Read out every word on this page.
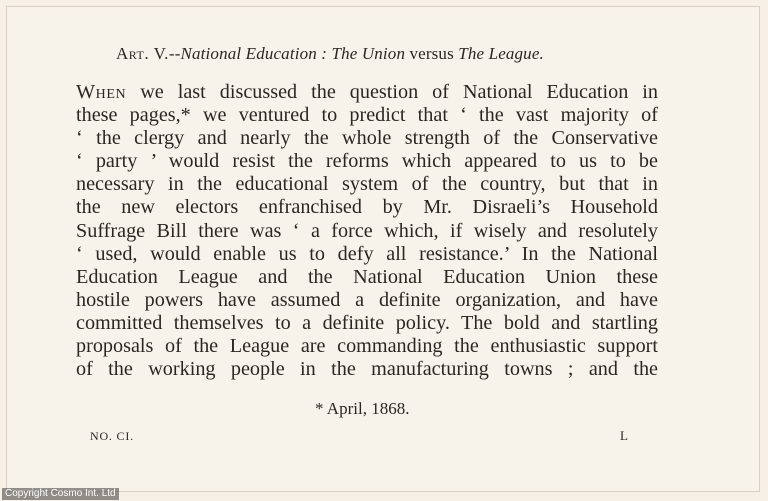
Art. V.--National Education : The Union versus The League.
When we last discussed the question of National Education in
these pages,* we ventured to predict that ‘ the vast majority of
‘ the clergy and nearly the whole strength of the Conservative
‘ party ’ would resist the reforms which appeared to us to be
necessary in the educational system of the country, but that in
the new electors enfranchised by Mr. Disraeli’s Household
Suffrage Bill there was ‘ a force which, if wisely and resolutely
‘ used, would enable us to defy all resistance.’ In the National
Education League and the National Education Union these
hostile powers have assumed a definite organization, and have
committed themselves to a definite policy. The bold and startling
proposals of the League are commanding the enthusiastic support
of the working people in the manufacturing towns ; and the
* April, 1868.
NO. CI.	L
Copyright Cosmo Int. Ltd
